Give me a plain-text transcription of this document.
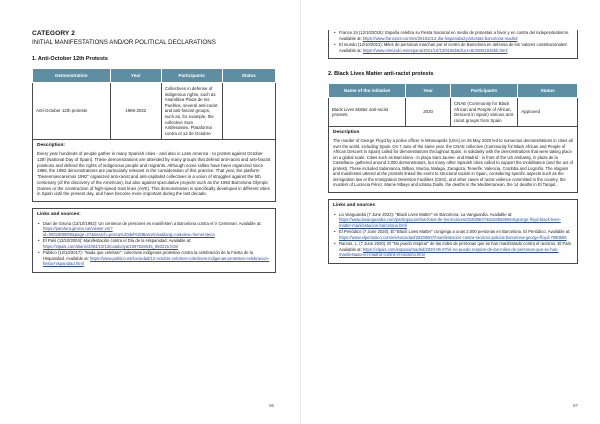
CATEGORY 2
INITIAL MANIFESTATIONS AND/OR POLITICAL DECLARATIONS
1. Anti-October 12th Protests
Demonstration	Year	Participants	Status
Anti-October 12th protests	1986-2022	Collectives in defense of indigenous rights, such as Asamblea Plaza de los Pueblos, several anti-racist and anti-fascist groups, such as, for example, the collective Sum Antifeixistes. Plataforma contra el 12 de Octubre	
Description:

Every year hundreds of people gather in many Spanish cities - and also in Latin America - to protest against October 12th (National Day of Spain). These demonstrations are attended by many groups that defend anti-racist and anti-fascist positions and defend the rights of indigenous people and migrants. Although some rallies have been organized since 1986, the 1992 demonstrations are particularly relevant in the consideration of this practice. That year, the platform "Desenmascaremos 1992" organized anti-racist and anti-capitalist collectives in a union of struggles against the 5th centenary (of the discovery of the Americas), but also against speculative projects such as the 1992 Barcelona Olympic Games or the construction of high-speed train lines (AVE). This demonstration is specifically developed in different cities in Spain until the present day, and have become more important during the last decade.

Links and sources:
• Diari de Girona (13/10/1992): Un centenar de persones es manifesten a Barcelona contra el V Centenari. Available at: https://pandora.girona.cat/viewer.vm?id=0001808069&page=27&search=pesca%20del%20Barcelona&lang=ca&view=hemeroteca
• El País (13/10/2004): Manifestación contra el Día de la Hispanidad. Available at: https://elpais.com/diario/2004/10/13/catalunya/1097628645_850215.html
• Público (12/10/2017): "Nada que celebrar": colectivos indígenas protestan contra la celebración de la Fiesta de la Hispanidad. Available at: https://www.publico.es/sociedad/12-octubre-celebrar-colectivos-indigenas-protestan-celebracion-fiesta-hispanidad.html
66
• France 24 (12/10/2018): España celebra su Fiesta Nacional en medio de protestas a favor y en contra del independentismo. Available at: https://www.france24.com/es/20181012-dia-hispanidad-protestas-barcelona-madrid
• El mundo (12/10/2021): Miles de personas marchan por el centro de Barcelona en defensa de los 'valores constitucionales'. Available at: https://www.elmundo.es/espana/2021/10/12/6165b6d1e1c8c38361845bb.html
2. Black Lives Matter anti-racist protests
Name of the initiative	Year	Participants	Status
Black Lives Matter anti-racist protests	2020	CNAE (Community for Black African and People of African Descent in Spain) Various anti-racist groups from Spain	Approved
Description

The murder of George Floyd by a police officer in Minneapolis (USA) on 25 May 2020 led to numerous demonstrations in cities all over the world, including Spain. On 7 June of the same year, the CNAE collective (Community for Black African and People of African Descent in Spain) called for demonstrations throughout Spain, in solidarity with the demonstrations that were taking place on a global scale. Cities such as Barcelona - in plaça Sant Jaume- and Madrid - in front of the US embassy, in plaza de la Castellana- gathered around 3,000 demonstrators, but many other Spanish cities called to support the mobilisation (and the act of protest). These included Salamanca, Bilbao, Murcia, Malaga, Zaragoza, Tenerife, Valencia, Cordoba and Logroño. The slogans and manifestos uttered at the protests linked the event to structural racism in Spain, considering specific aspects such as the immigration law or the Immigration Detention Facilities (CIEs), and other cases of racist violence committed in the country, the murders of Lucrecia Pérez, Mame Mbaye and Idrissa Diallo, the deaths in the Mediterranean, the 14 deaths in El Tarajal...

Links and sources
• La Vanguardia (7 June 2022): "Black Lives Matter" en Barcelona. La Vanguardia. Available at: https://www.lavanguardia.com/participacion/las-fotos-de-los-lectores/20200607/481535535944/george-floyd-black-lives-matter-manifestacion-barcelona.html
• El Periódico (7 June 2020). El "Black Lives Matter" congrega a unas 2.000 personas en Barcelona. El Periódico. Available at: https://www.elperiodico.com/es/sociedad/20200607/manifestacion-contra-racismo-policial-barcelona-george-floyd-7990666
• Ramos, L. (7 June 2020). El "No puedo respirar" de las miles de personas que se han manifestado contra el racismo. El País. Available at: https://elpais.com/espana/madrid/2020-06-07/el-no-puedo-respirar-de-las-miles-de-personas-que-se-han-manifestado-en-madrid-contra-el-racismo.html
67
